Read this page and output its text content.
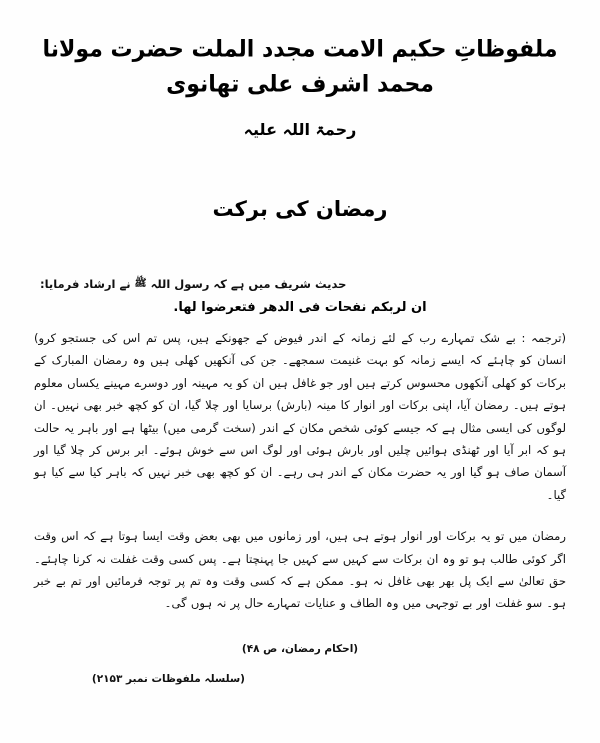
ملفوظاتِ حکیم الامت مجدد الملت حضرت مولانا محمد اشرف علی تھانوی
رحمۃ اللہ علیہ
رمضان کی برکت
حدیث شریف میں ہے کہ رسول اللہ ﷺ نے ارشاد فرمایا:
ان لربکم نفحات فی الدھر فتعرضوا لھا.

(ترجمہ : بے شک تمہارے رب کے لئے زمانہ کے اندر فیوض کے جھونکے ہیں، پس تم اس کی جستجو کرو) انسان کو چاہئے کہ ایسے زمانہ کو بہت غنیمت سمجھے۔ جن کی آنکھیں کھلی ہیں وہ رمضان المبارک کے برکات کو کھلی آنکھوں محسوس کرتے ہیں اور جو غافل ہیں ان کو یہ مہینہ اور دوسرے مہینے یکساں معلوم ہوتے ہیں۔ رمضان آیا، اپنی برکات اور انوار کا مینہ (بارش) برسایا اور چلا گیا، ان کو کچھ خبر بھی نہیں۔ ان لوگوں کی ایسی مثال ہے کہ جیسے کوئی شخص مکان کے اندر (سخت گرمی میں) بیٹھا ہے اور باہر یہ حالت ہو کہ ابر آیا اور ٹھنڈی ہوائیں چلیں اور بارش ہوئی اور لوگ اس سے خوش ہوئے۔ ابر برس کر چلا گیا اور آسمان صاف ہو گیا اور یہ حضرت مکان کے اندر ہی رہے۔ ان کو کچھ بھی خبر نہیں کہ باہر کیا سے کیا ہو گیا۔

رمضان میں تو یہ برکات اور انوار ہوتے ہی ہیں، اور زمانوں میں بھی بعض وقت ایسا ہوتا ہے کہ اس وقت اگر کوئی طالب ہو تو وہ ان برکات سے کہیں سے کہیں جا پہنچتا ہے۔ پس کسی وقت غفلت نہ کرنا چاہئے۔ حق تعالیٰ سے ایک پل بھر بھی غافل نہ ہو۔ ممکن ہے کہ کسی وقت وہ تم پر توجہ فرمائیں اور تم بے خبر ہو۔ سو غفلت اور بے توجہی میں وہ الطاف و عنایات تمہارے حال پر نہ ہوں گی۔

(احکام رمضان، ص ۴۸)
(سلسلہ ملفوظات نمبر ۲۱۵۳)
